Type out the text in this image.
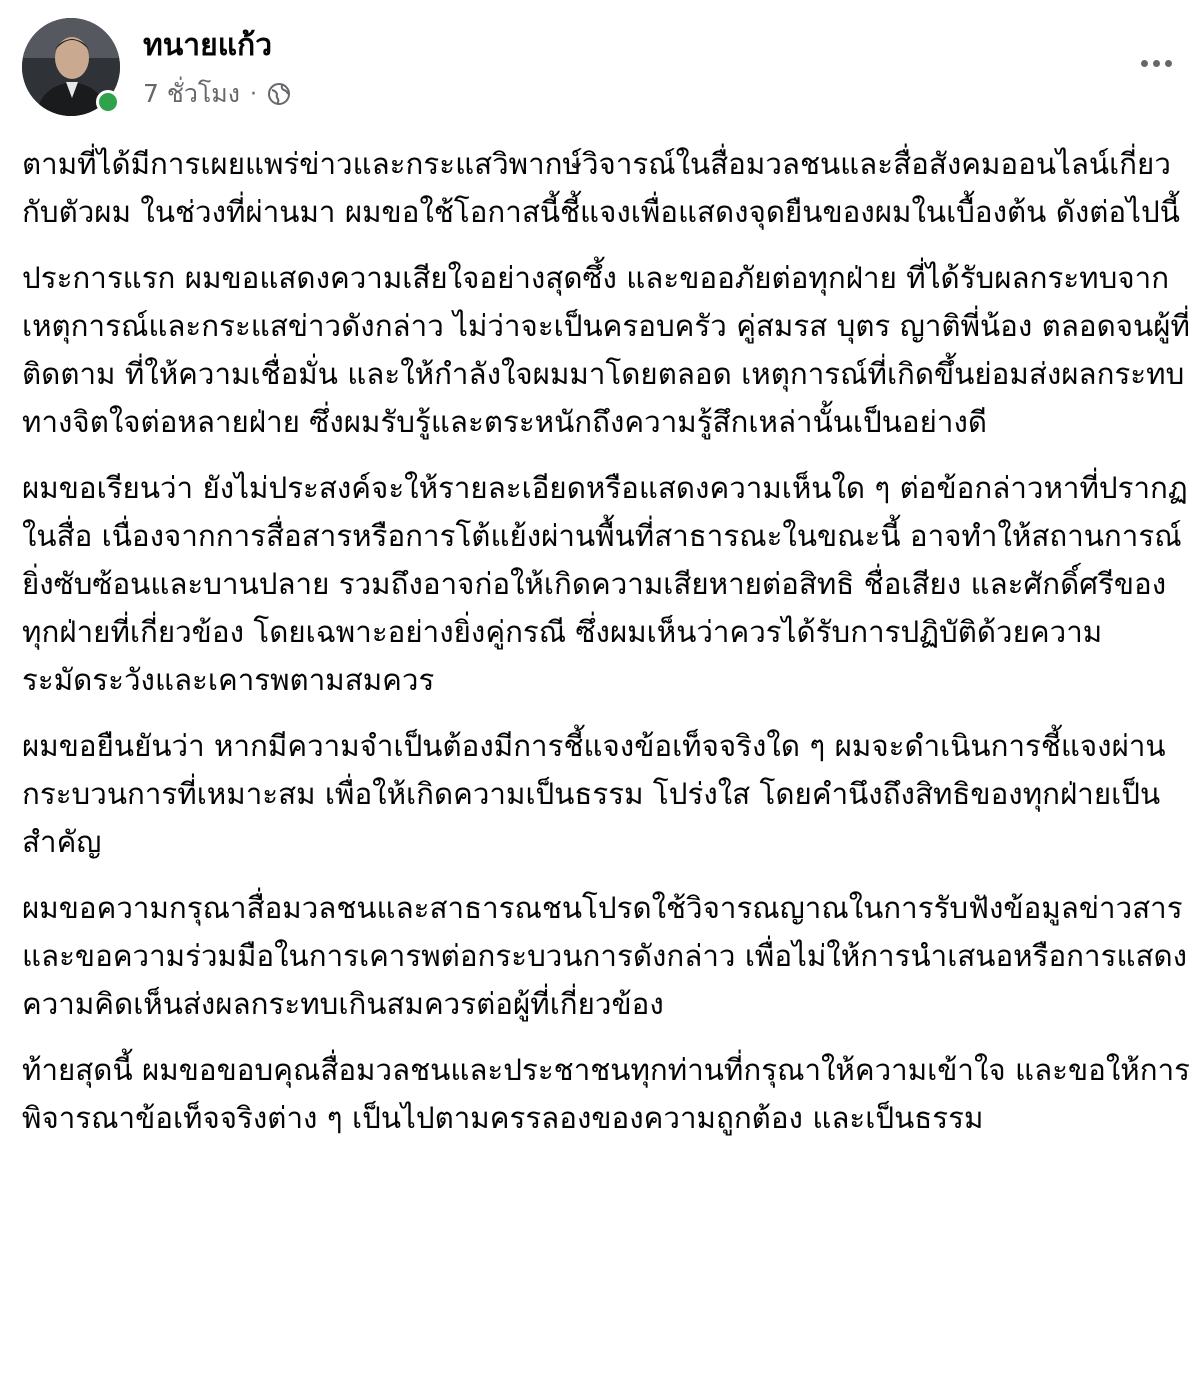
ทนายแก้ว
7 ชั่วโมง ·

ตามที่ได้มีการเผยแพร่ข่าวและกระแสวิพากษ์วิจารณ์ในสื่อมวลชนและสื่อสังคมออนไลน์เกี่ยวกับตัวผม ในช่วงที่ผ่านมา ผมขอใช้โอกาสนี้ชี้แจงเพื่อแสดงจุดยืนของผมในเบื้องต้น ดังต่อไปนี้

ประการแรก ผมขอแสดงความเสียใจอย่างสุดซึ้ง และขออภัยต่อทุกฝ่าย ที่ได้รับผลกระทบจากเหตุการณ์และกระแสข่าวดังกล่าว ไม่ว่าจะเป็นครอบครัว คู่สมรส บุตร ญาติพี่น้อง ตลอดจนผู้ที่ติดตาม ที่ให้ความเชื่อมั่น และให้กำลังใจผมมาโดยตลอด เหตุการณ์ที่เกิดขึ้นย่อมส่งผลกระทบทางจิตใจต่อหลายฝ่าย ซึ่งผมรับรู้และตระหนักถึงความรู้สึกเหล่านั้นเป็นอย่างดี

ผมขอเรียนว่า ยังไม่ประสงค์จะให้รายละเอียดหรือแสดงความเห็นใด ๆ ต่อข้อกล่าวหาที่ปรากฏในสื่อ เนื่องจากการสื่อสารหรือการโต้แย้งผ่านพื้นที่สาธารณะในขณะนี้ อาจทำให้สถานการณ์ยิ่งซับซ้อนและบานปลาย รวมถึงอาจก่อให้เกิดความเสียหายต่อสิทธิ ชื่อเสียง และศักดิ์ศรีของทุกฝ่ายที่เกี่ยวข้อง โดยเฉพาะอย่างยิ่งคู่กรณี ซึ่งผมเห็นว่าควรได้รับการปฏิบัติด้วยความระมัดระวังและเคารพตามสมควร

ผมขอยืนยันว่า หากมีความจำเป็นต้องมีการชี้แจงข้อเท็จจริงใด ๆ ผมจะดำเนินการชี้แจงผ่านกระบวนการที่เหมาะสม เพื่อให้เกิดความเป็นธรรม โปร่งใส โดยคำนึงถึงสิทธิของทุกฝ่ายเป็นสำคัญ

ผมขอความกรุณาสื่อมวลชนและสาธารณชนโปรดใช้วิจารณญาณในการรับฟังข้อมูลข่าวสาร และขอความร่วมมือในการเคารพต่อกระบวนการดังกล่าว เพื่อไม่ให้การนำเสนอหรือการแสดงความคิดเห็นส่งผลกระทบเกินสมควรต่อผู้ที่เกี่ยวข้อง

ท้ายสุดนี้ ผมขอขอบคุณสื่อมวลชนและประชาชนทุกท่านที่กรุณาให้ความเข้าใจ และขอให้การพิจารณาข้อเท็จจริงต่าง ๆ เป็นไปตามครรลองของความถูกต้อง และเป็นธรรม
